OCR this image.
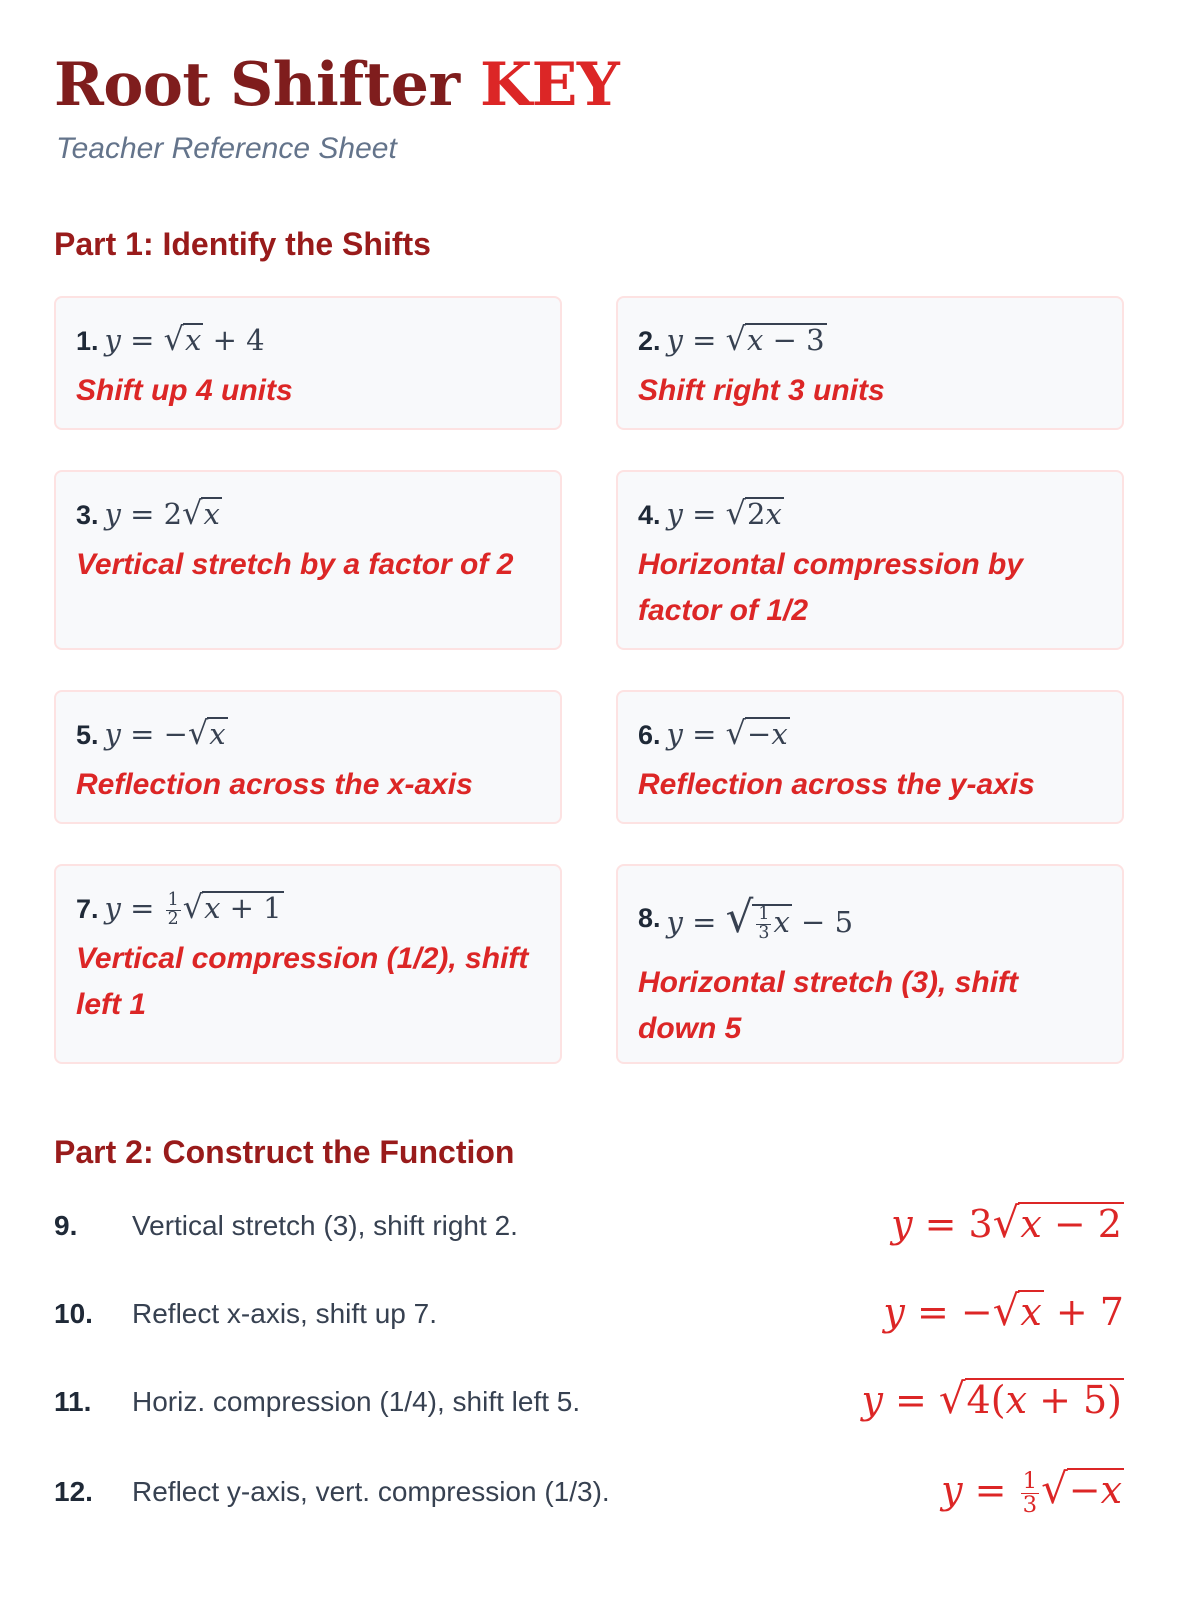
Root Shifter KEY
Teacher Reference Sheet
Part 1: Identify the Shifts
1. y = √x + 4
Shift up 4 units
2. y = √x − 3
Shift right 3 units
3. y = 2√x
Vertical stretch by a factor of 2
4. y = √2x
Horizontal compression by factor of 1/2
5. y = −√x
Reflection across the x-axis
6. y = √−x
Reflection across the y-axis
7. $y = \frac{1}{2} √x + 1$
Vertical compression (1/2), shift left 1
8. y = √ $\frac{1}{3}$ x − 5
Horizontal stretch (3), shift down 5
Part 2: Construct the Function
9. Vertical stretch (3), shift right 2.	y = 3√x − 2
10. Reflect x-axis, shift up 7.	y = −√x + 7
11. Horiz. compression (1/4), shift left 5.	y = √4(x + 5)
12. Reflect y-axis, vert. compression (1/3).	$y = \frac{1}{3} √-x$
